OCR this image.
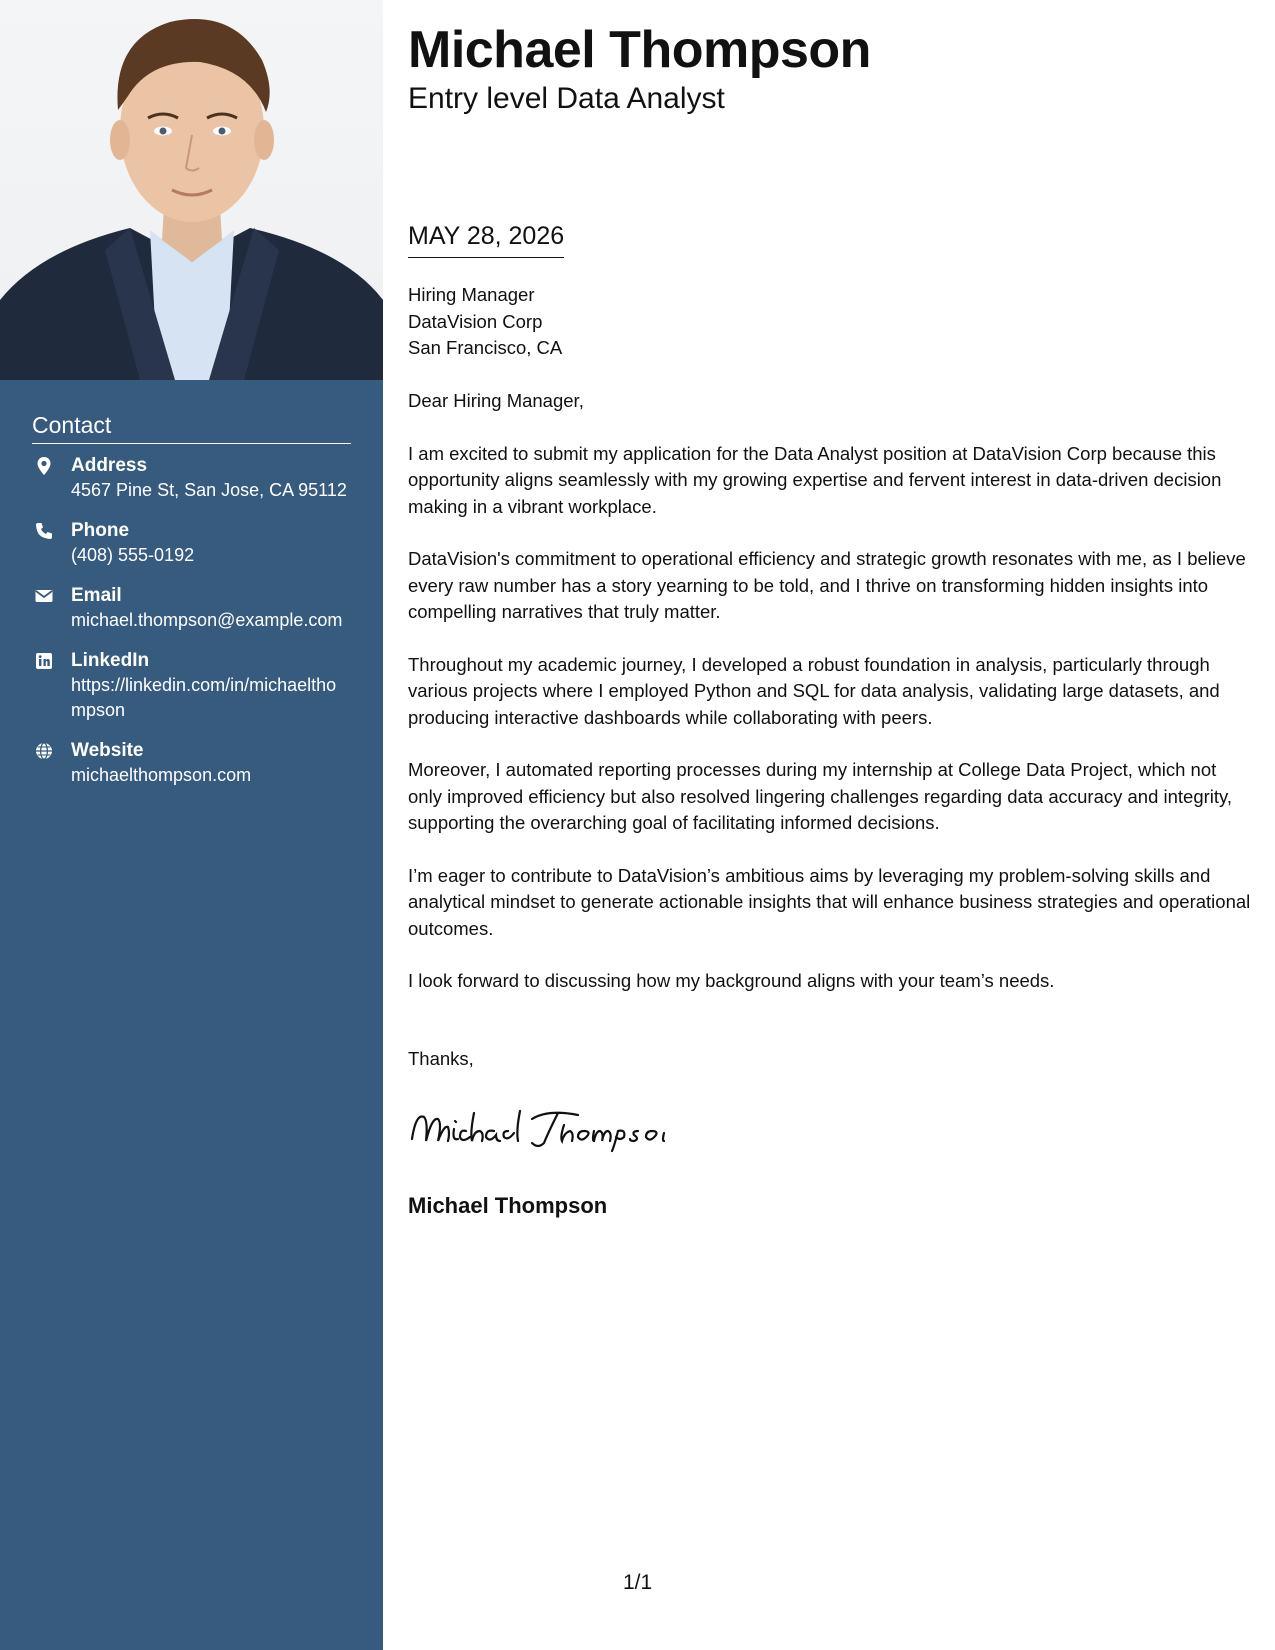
Contact
Address
4567 Pine St, San Jose, CA 95112
Phone
(408) 555-0192
Email
michael.thompson@example.com
LinkedIn
https://linkedin.com/in/michaelthompson
Website
michaelthompson.com
Michael Thompson
Entry level Data Analyst
MAY 28, 2026
Hiring Manager
DataVision Corp
San Francisco, CA

Dear Hiring Manager,

I am excited to submit my application for the Data Analyst position at DataVision Corp because this opportunity aligns seamlessly with my growing expertise and fervent interest in data-driven decision making in a vibrant workplace.

DataVision's commitment to operational efficiency and strategic growth resonates with me, as I believe every raw number has a story yearning to be told, and I thrive on transforming hidden insights into compelling narratives that truly matter.

Throughout my academic journey, I developed a robust foundation in analysis, particularly through various projects where I employed Python and SQL for data analysis, validating large datasets, and producing interactive dashboards while collaborating with peers.

Moreover, I automated reporting processes during my internship at College Data Project, which not only improved efficiency but also resolved lingering challenges regarding data accuracy and integrity, supporting the overarching goal of facilitating informed decisions.

I’m eager to contribute to DataVision’s ambitious aims by leveraging my problem-solving skills and analytical mindset to generate actionable insights that will enhance business strategies and operational outcomes.

I look forward to discussing how my background aligns with your team’s needs.

Thanks,
Michael Thompson
1/1
